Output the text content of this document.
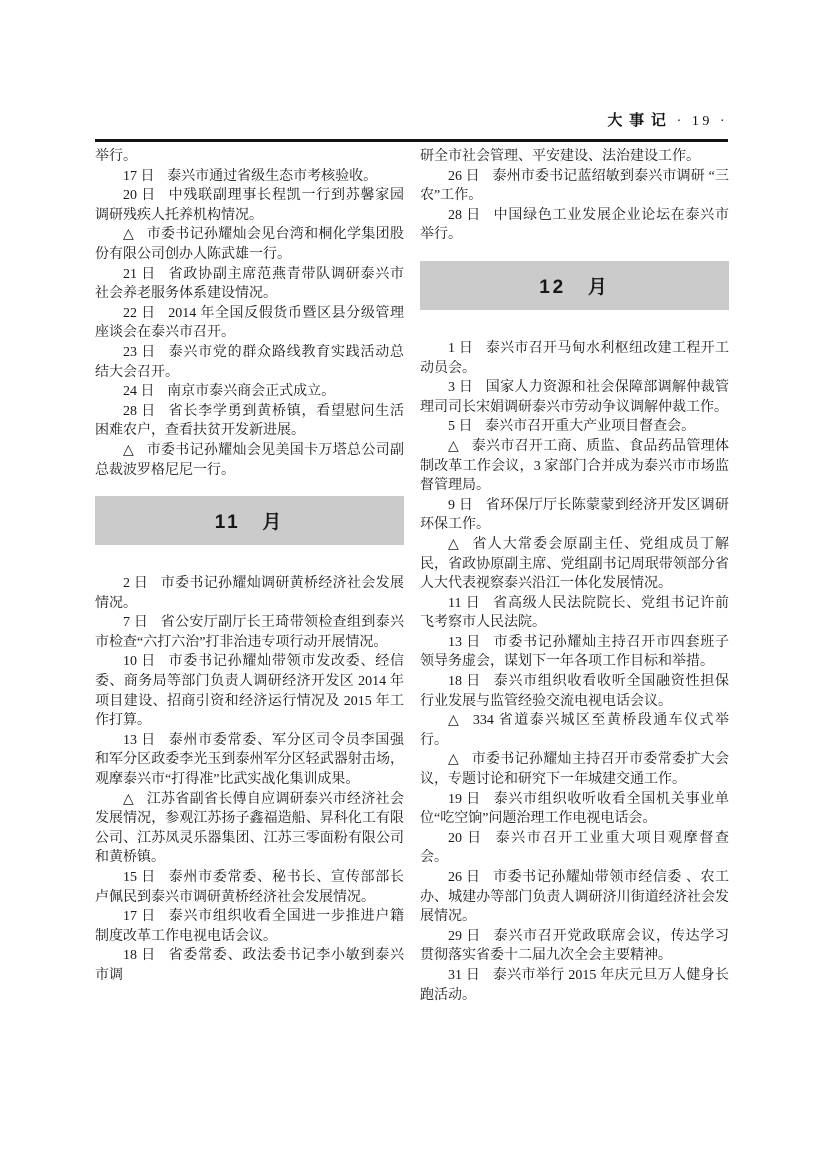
大事记 · 19 ·

举行。

17 日 泰兴市通过省级生态市考核验收。

20 日 中残联副理事长程凯一行到苏馨家园调研残疾人托养机构情况。

△ 市委书记孙耀灿会见台湾和桐化学集团股份有限公司创办人陈武雄一行。

21 日 省政协副主席范燕青带队调研泰兴市社会养老服务体系建设情况。

22 日 2014 年全国反假货币暨区县分级管理座谈会在泰兴市召开。

23 日 泰兴市党的群众路线教育实践活动总结大会召开。

24 日 南京市泰兴商会正式成立。

28 日 省长李学勇到黄桥镇，看望慰问生活困难农户，查看扶贫开发新进展。

△ 市委书记孙耀灿会见美国卡万塔总公司副总裁波罗格尼尼一行。

11　月

2 日 市委书记孙耀灿调研黄桥经济社会发展情况。

7 日 省公安厅副厅长王琦带领检查组到泰兴市检查“六打六治”打非治违专项行动开展情况。

10 日 市委书记孙耀灿带领市发改委、经信委、商务局等部门负责人调研经济开发区 2014 年项目建设、招商引资和经济运行情况及 2015 年工作打算。

13 日 泰州市委常委、军分区司令员李国强和军分区政委李光玉到泰州军分区轻武器射击场，观摩泰兴市“打得准”比武实战化集训成果。

△ 江苏省副省长傅自应调研泰兴市经济社会发展情况，参观江苏扬子鑫福造船、昇科化工有限公司、江苏凤灵乐器集团、江苏三零面粉有限公司和黄桥镇。

15 日 泰州市委常委、秘书长、宣传部部长卢佩民到泰兴市调研黄桥经济社会发展情况。

17 日 泰兴市组织收看全国进一步推进户籍制度改革工作电视电话会议。

18 日 省委常委、政法委书记李小敏到泰兴市调

研全市社会管理、平安建设、法治建设工作。

26 日 泰州市委书记蓝绍敏到泰兴市调研 “三农”工作。

28 日 中国绿色工业发展企业论坛在泰兴市举行。

12　月

1 日 泰兴市召开马甸水利枢纽改建工程开工动员会。

3 日 国家人力资源和社会保障部调解仲裁管理司司长宋娟调研泰兴市劳动争议调解仲裁工作。

5 日 泰兴市召开重大产业项目督查会。

△ 泰兴市召开工商、质监、食品药品管理体制改革工作会议，3 家部门合并成为泰兴市市场监督管理局。

9 日 省环保厅厅长陈蒙蒙到经济开发区调研环保工作。

△ 省人大常委会原副主任、党组成员丁解民，省政协原副主席、党组副书记周珉带领部分省人大代表视察泰兴沿江一体化发展情况。

11 日 省高级人民法院院长、党组书记许前飞考察市人民法院。

13 日 市委书记孙耀灿主持召开市四套班子领导务虚会，谋划下一年各项工作目标和举措。

18 日 泰兴市组织收看收听全国融资性担保行业发展与监管经验交流电视电话会议。

△ 334 省道泰兴城区至黄桥段通车仪式举行。

△ 市委书记孙耀灿主持召开市委常委扩大会议，专题讨论和研究下一年城建交通工作。

19 日 泰兴市组织收听收看全国机关事业单位“吃空饷”问题治理工作电视电话会。

20 日 泰兴市召开工业重大项目观摩督查会。

26 日 市委书记孙耀灿带领市经信委 、农工办、城建办等部门负责人调研济川街道经济社会发展情况。

29 日 泰兴市召开党政联席会议，传达学习贯彻落实省委十二届九次全会主要精神。

31 日 泰兴市举行 2015 年庆元旦万人健身长跑活动。
